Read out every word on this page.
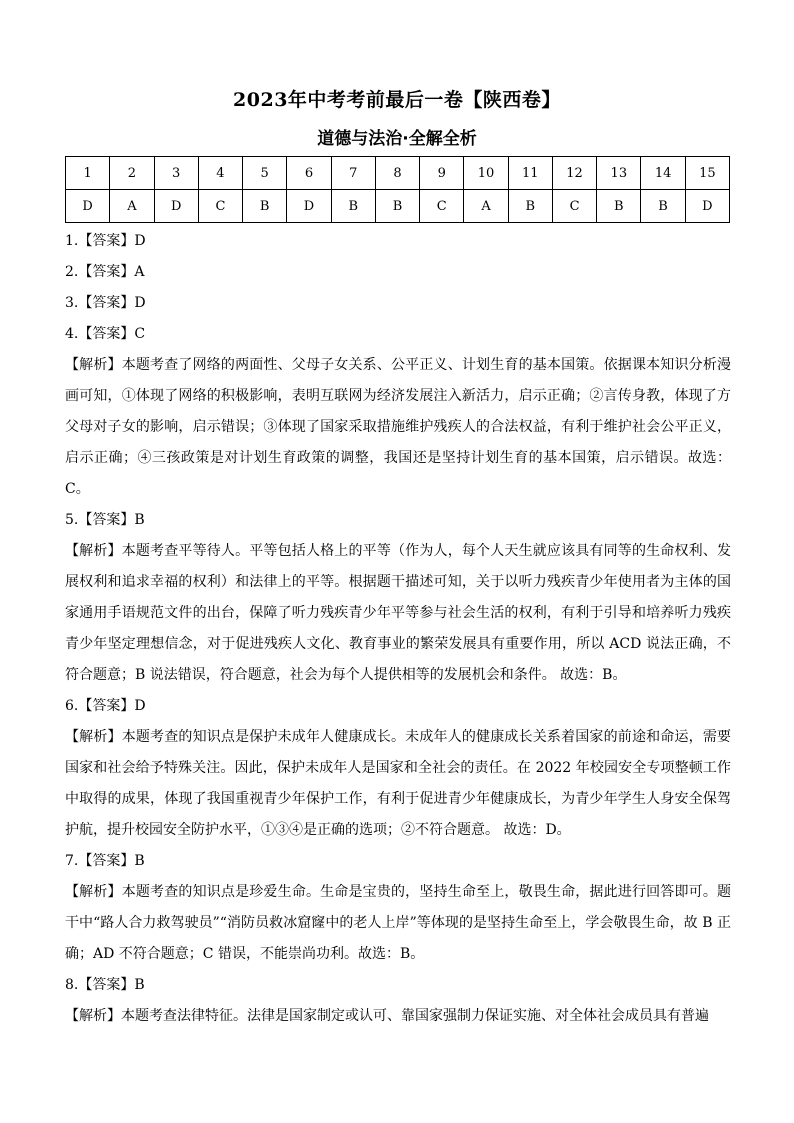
2023年中考考前最后一卷【陕西卷】
道德与法治·全解全析
1	2	3	4	5	6	7	8	9	10	11	12	13	14	15
D	A	D	C	B	D	B	B	C	A	B	C	B	B	D

1.【答案】D

2.【答案】A

3.【答案】D

4.【答案】C

【解析】本题考查了网络的两面性、父母子女关系、公平正义、计划生育的基本国策。依据课本知识分析漫画可知，①体现了网络的积极影响，表明互联网为经济发展注入新活力，启示正确；②言传身教，体现了方父母对子女的影响，启示错误；③体现了国家采取措施维护残疾人的合法权益，有利于维护社会公平正义，启示正确；④三孩政策是对计划生育政策的调整，我国还是坚持计划生育的基本国策，启示错误。故选：C。

5.【答案】B

【解析】本题考查平等待人。平等包括人格上的平等（作为人，每个人天生就应该具有同等的生命权利、发展权利和追求幸福的权利）和法律上的平等。根据题干描述可知，关于以听力残疾青少年使用者为主体的国家通用手语规范文件的出台，保障了听力残疾青少年平等参与社会生活的权利，有利于引导和培养听力残疾青少年坚定理想信念，对于促进残疾人文化、教育事业的繁荣发展具有重要作用，所以 ACD 说法正确，不符合题意；B 说法错误，符合题意，社会为每个人提供相等的发展机会和条件。 故选：B。

6.【答案】D

【解析】本题考查的知识点是保护未成年人健康成长。未成年人的健康成长关系着国家的前途和命运，需要国家和社会给予特殊关注。因此，保护未成年人是国家和全社会的责任。在 2022 年校园安全专项整顿工作中取得的成果，体现了我国重视青少年保护工作，有利于促进青少年健康成长，为青少年学生人身安全保驾护航，提升校园安全防护水平，①③④是正确的选项；②不符合题意。 故选：D。

7.【答案】B

【解析】本题考查的知识点是珍爱生命。生命是宝贵的，坚持生命至上，敬畏生命，据此进行回答即可。题干中“路人合力救驾驶员”“消防员救冰窟窿中的老人上岸”等体现的是坚持生命至上，学会敬畏生命，故 B 正确；AD 不符合题意；C 错误，不能崇尚功利。故选：B。

8.【答案】B

【解析】本题考查法律特征。法律是国家制定或认可、靠国家强制力保证实施、对全体社会成员具有普遍
